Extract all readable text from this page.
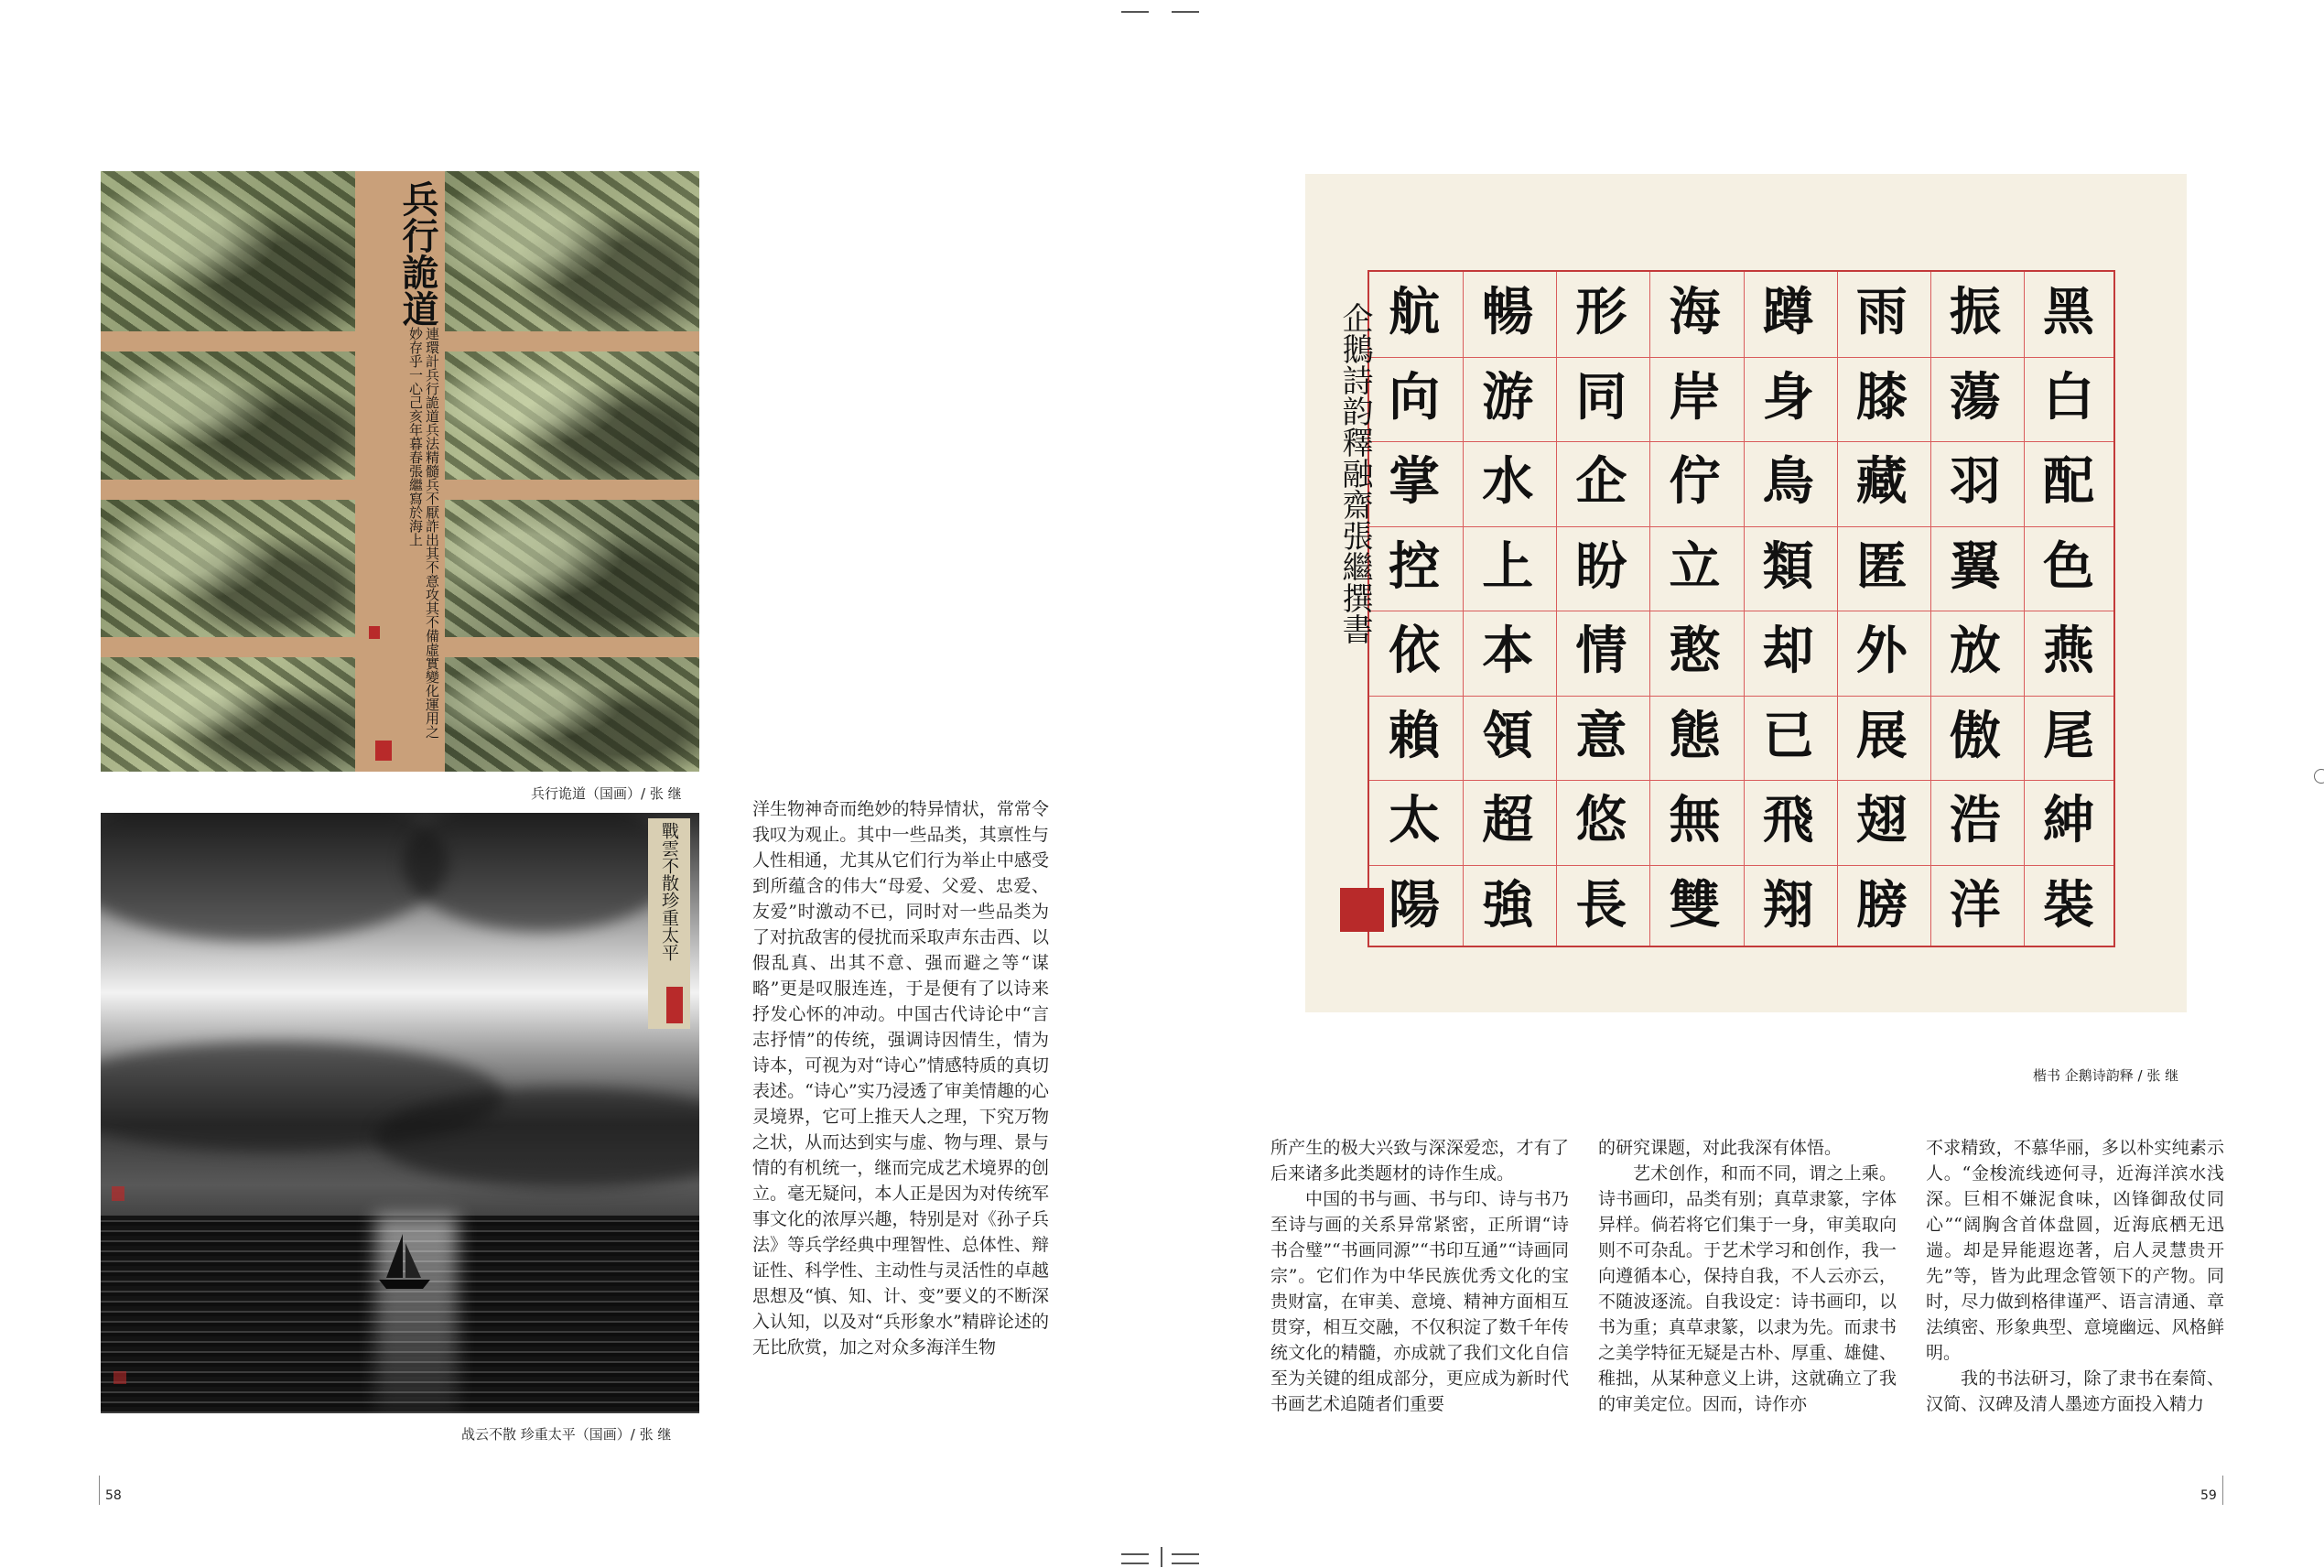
兵行詭道
連環計兵行詭道兵法精髓兵不厭詐出其不意攻其不備虛實變化運用之妙存乎一心己亥年暮春張繼寫於海上
兵行诡道（国画）/ 张 继
戰雲不散珍重太平
战云不散 珍重太平（国画）/ 张 继

洋生物神奇而绝妙的特异情状，常常令我叹为观止。其中一些品类，其禀性与人性相通，尤其从它们行为举止中感受到所蕴含的伟大“母爱、父爱、忠爱、友爱”时激动不已，同时对一些品类为了对抗敌害的侵扰而采取声东击西、以假乱真、出其不意、强而避之等“谋略”更是叹服连连，于是便有了以诗来抒发心怀的冲动。中国古代诗论中“言志抒情”的传统，强调诗因情生，情为诗本，可视为对“诗心”情感特质的真切表述。“诗心”实乃浸透了审美情趣的心灵境界，它可上推天人之理，下究万物之状，从而达到实与虚、物与理、景与情的有机统一，继而完成艺术境界的创立。毫无疑问，本人正是因为对传统军事文化的浓厚兴趣，特别是对《孙子兵法》等兵学经典中理智性、总体性、辩证性、科学性、主动性与灵活性的卓越思想及“慎、知、计、变”要义的不断深入认知，以及对“兵形象水”精辟论述的无比欣赏，加之对众多海洋生物

58
黑
白
配
色
燕
尾
紳
裝
振
蕩
羽
翼
放
傲
浩
洋
雨
膝
藏
匿
外
展
翅
膀
蹲
身
鳥
類
却
已
飛
翔
海
岸
佇
立
憨
態
無
雙
形
同
企
盼
情
意
悠
長
暢
游
水
上
本
領
超
強
航
向
掌
控
依
賴
太
陽
企鵝詩韵釋融齋張繼撰書
楷书 企鹅诗韵释 / 张 继

所产生的极大兴致与深深爱恋，才有了后来诸多此类题材的诗作生成。

中国的书与画、书与印、诗与书乃至诗与画的关系异常紧密，正所谓“诗书合璧”“书画同源”“书印互通”“诗画同宗”。它们作为中华民族优秀文化的宝贵财富，在审美、意境、精神方面相互贯穿，相互交融，不仅积淀了数千年传统文化的精髓，亦成就了我们文化自信至为关键的组成部分，更应成为新时代书画艺术追随者们重要

的研究课题，对此我深有体悟。

艺术创作，和而不同，谓之上乘。诗书画印，品类有别；真草隶篆，字体异样。倘若将它们集于一身，审美取向则不可杂乱。于艺术学习和创作，我一向遵循本心，保持自我，不人云亦云，不随波逐流。自我设定：诗书画印，以书为重；真草隶篆，以隶为先。而隶书之美学特征无疑是古朴、厚重、雄健、稚拙，从某种意义上讲，这就确立了我的审美定位。因而，诗作亦

不求精致，不慕华丽，多以朴实纯素示人。“金梭流线迹何寻，近海洋滨水浅深。巨相不嫌泥食味，凶锋御敌仗同心”“阔胸含首体盘圆，近海底栖无迅遄。却是异能遐迩著，启人灵慧贵开先”等，皆为此理念管领下的产物。同时，尽力做到格律谨严、语言清通、章法缜密、形象典型、意境幽远、风格鲜明。

我的书法研习，除了隶书在秦简、汉简、汉碑及清人墨迹方面投入精力

59
